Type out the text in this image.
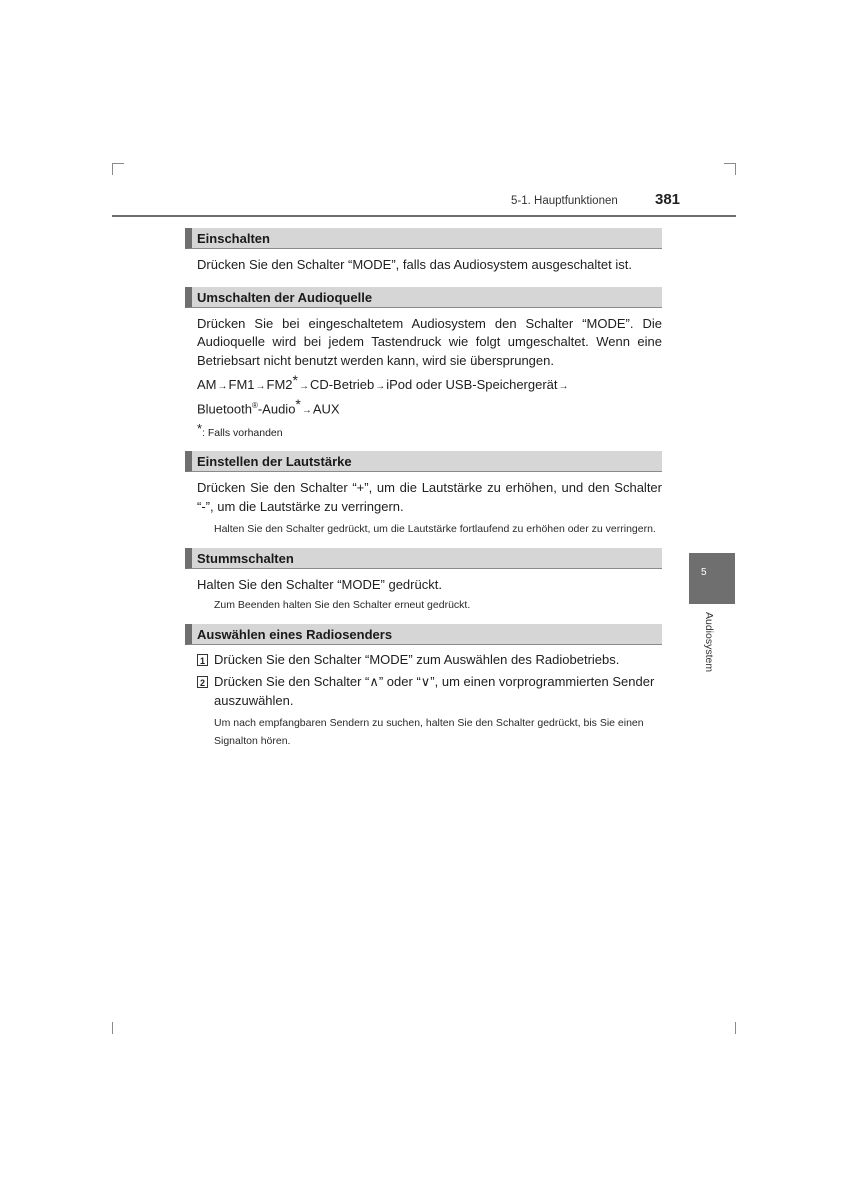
5-1. Hauptfunktionen 381
5
Audiosystem
Einschalten
Drücken Sie den Schalter “MODE”, falls das Audiosystem ausgeschaltet ist.
Umschalten der Audioquelle
Drücken Sie bei eingeschaltetem Audiosystem den Schalter “MODE”. Die Audioquelle wird bei jedem Tastendruck wie folgt umgeschaltet. Wenn eine Betriebsart nicht benutzt werden kann, wird sie übersprungen.
AM→FM1→FM2*→CD-Betrieb→iPod oder USB-Speichergerät→
Bluetooth®-Audio*→AUX
*: Falls vorhanden
Einstellen der Lautstärke
Drücken Sie den Schalter “+”, um die Lautstärke zu erhöhen, und den Schalter “-”, um die Lautstärke zu verringern.
Halten Sie den Schalter gedrückt, um die Lautstärke fortlaufend zu erhöhen oder zu verringern.
Stummschalten
Halten Sie den Schalter “MODE” gedrückt.
Zum Beenden halten Sie den Schalter erneut gedrückt.
Auswählen eines Radiosenders
1 Drücken Sie den Schalter “MODE” zum Auswählen des Radiobetriebs.
2 Drücken Sie den Schalter “∧” oder “∨”, um einen vorprogrammierten Sender auszuwählen.
Um nach empfangbaren Sendern zu suchen, halten Sie den Schalter gedrückt, bis Sie einen Signalton hören.
